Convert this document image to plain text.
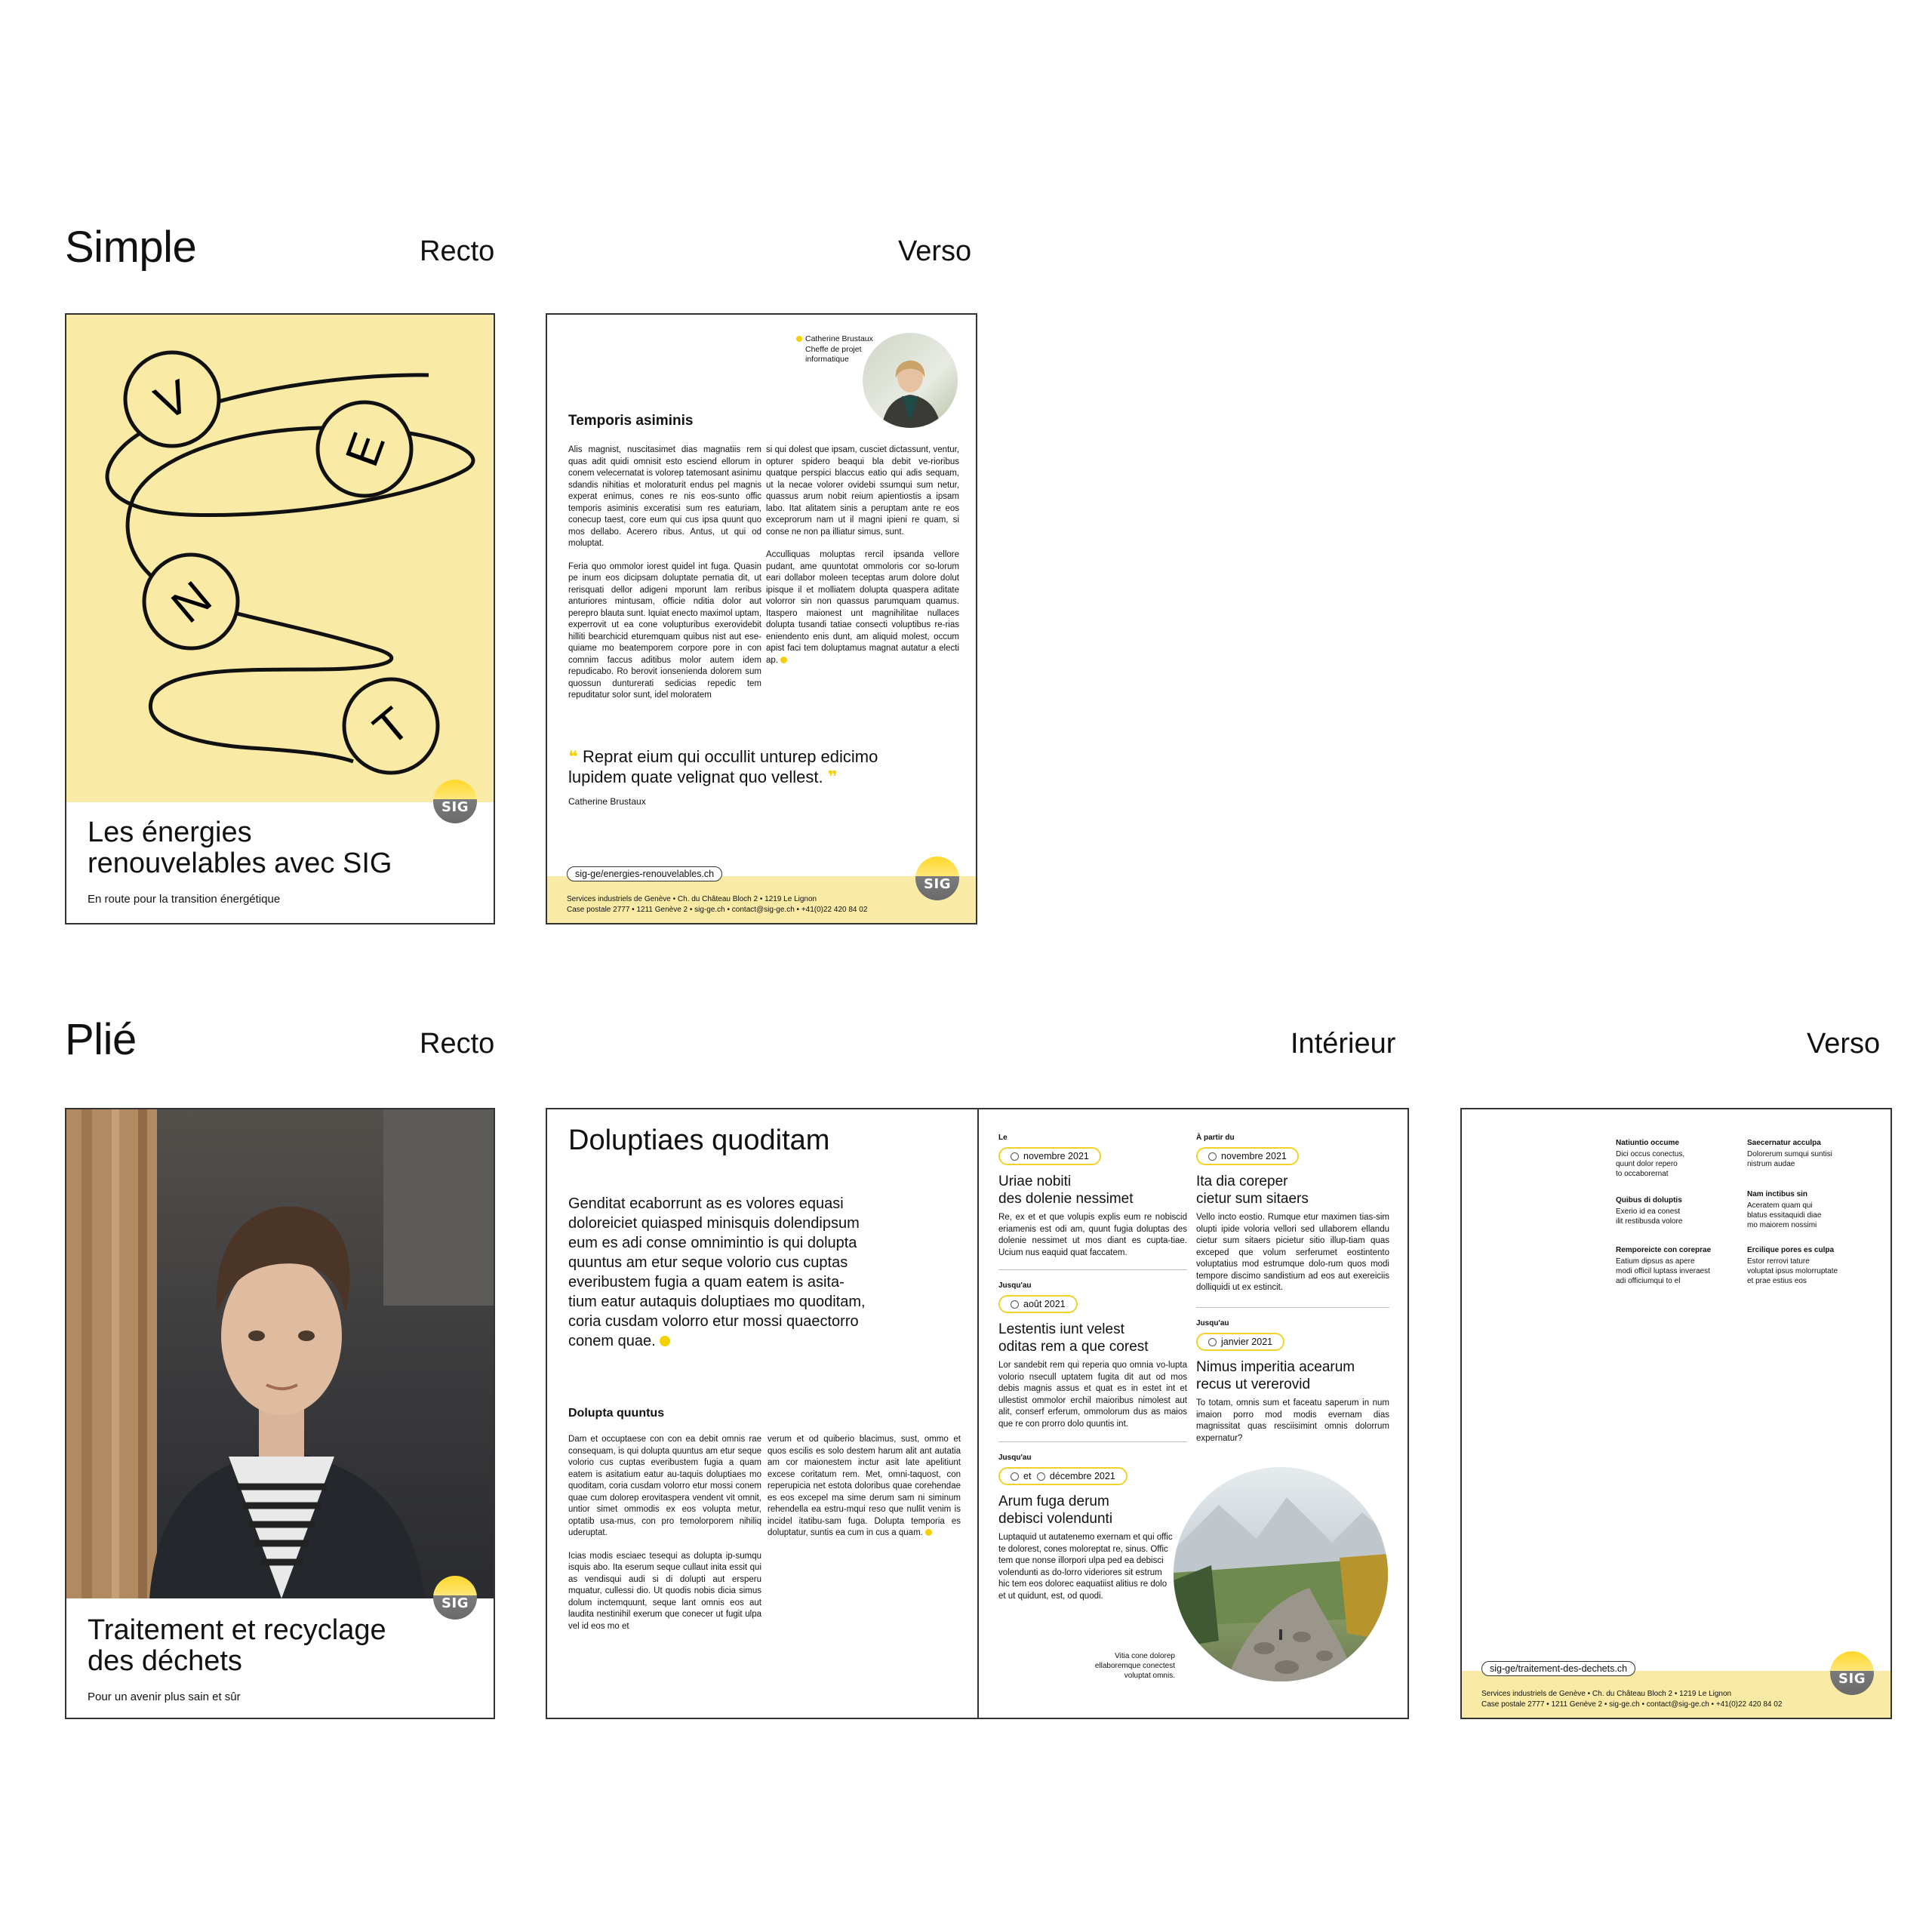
Simple	Recto	Verso
Plié	Recto	Intérieur	Verso
V
E
N
T
SIG
Les énergies
renouvelables avec SIG
En route pour la transition énergétique
Catherine Brustaux
Cheffe de projet
informatique
Temporis asiminis
Alis magnist, nuscitasimet dias magnatiis rem quas adit quidi omnisit esto esciend ellorum in conem velecernatat is volorep tatemosant asinimu sdandis nihitias et moloraturit endus pel magnis experat enimus, cones re nis eos-sunto offic temporis asiminis exceratisi sum res eaturiam, conecup taest, core eum qui cus ipsa quunt quo mos dellabo. Acerero ribus. Antus, ut qui od moluptat.
Feria quo ommolor iorest quidel int fuga. Quasin pe inum eos dicipsam doluptate pernatia dit, ut rerisquati dellor adigeni mporunt lam reribus anturiores mintusam, officie nditia dolor aut perepro blauta sunt. Iquiat enecto maximol uptam, experrovit ut ea cone volupturibus exerovidebit hilliti bearchicid eturemquam quibus nist aut ese-quiame mo beatemporem corpore pore in con comnim faccus aditibus molor autem idem repudicabo. Ro berovit ionsenienda dolorem sum quossun dunturerati sedicias repedic tem repuditatur solor sunt, idel moloratem
si qui dolest que ipsam, cusciet dictassunt, ventur, opturer spidero beaqui bla debit ve-rioribus quatque perspici blaccus eatio qui adis sequam, ut la necae volorer ovidebi ssumqui sum netur, quassus arum nobit reium apientiostis a ipsam labo. Itat alitatem sinis a peruptam ante re eos exceprorum nam ut il magni ipieni re quam, si conse ne non pa illiatur simus, sunt.
Acculliquas moluptas rercil ipsanda vellore pudant, ame quuntotat ommoloris cor so-lorum eari dollabor moleen teceptas arum dolore dolut ipisque il et molliatem dolupta quaspera aditate volorror sin non quassus parumquam quamus. Itaspero maionest unt magnihilitae nullaces dolupta tusandi tatiae consecti voluptibus re-rias eniendento enis dunt, am aliquid molest, occum apist faci tem doluptamus magnat autatur a electi ap.
❝ Reprat eium qui occullit unturep edicimo
lupidem quate velignat quo vellest. ❞
Catherine Brustaux
sig-ge/energies-renouvelables.ch
SIG
Services industriels de Genève • Ch. du Château Bloch 2 • 1219 Le Lignon
Case postale 2777 • 1211 Genève 2 • sig-ge.ch • contact@sig-ge.ch • +41(0)22 420 84 02
SIG
Traitement et recyclage
des déchets
Pour un avenir plus sain et sûr
Doluptiaes quoditam
Genditat ecaborrunt as es volores equasi
doloreiciet quiasped minisquis dolendipsum
eum es adi conse omnimintio is qui dolupta
quuntus am etur seque volorio cus cuptas
everibustem fugia a quam eatem is asita-
tium eatur autaquis doluptiaes mo quoditam,
coria cusdam volorro etur mossi quaectorro
conem quae.
Dolupta quuntus
Dam et occuptaese con con ea debit omnis rae consequam, is qui dolupta quuntus am etur seque volorio cus cuptas everibustem fugia a quam eatem is asitatium eatur au-taquis doluptiaes mo quoditam, coria cusdam volorro etur mossi conem quae cum dolorep erovitaspera vendent vit omnit, untior simet ommodis ex eos volupta metur, optatib usa-mus, con pro temolorporem nihiliq uderuptat.
Icias modis esciaec tesequi as dolupta ip-sumqu isquis abo. Ita eserum seque cullaut inita essit qui as vendisqui audi si di dolupti aut ersperu mquatur, cullessi dio. Ut quodis nobis dicia simus dolum inctemquunt, seque lant omnis eos aut laudita nestinihil exerum que conecer ut fugit ulpa vel id eos mo et
verum et od quiberio blacimus, sust, ommo et quos escilis es solo destem harum alit ant autatia am cor maionestem inctur asit late apelitiunt excese coritatum rem. Met, omni-taquost, con reperupicia net estota doloribus quae corehendae es eos excepel ma sime derum sam ni siminum rehendella ea estru-mqui reso que nullit venim is incidel itatibu-sam fuga. Dolupta temporia es doluptatur, suntis ea cum in cus a quam.
Le
novembre 2021
Uriae nobiti
des dolenie nessimet
Re, ex et et que volupis explis eum re nobiscid eriamenis est odi am, quunt fugia doluptas des dolenie nessimet ut mos diant es cupta-tiae. Ucium nus eaquid quat faccatem.
Jusqu'au
août 2021
Lestentis iunt velest
oditas rem a que corest
Lor sandebit rem qui reperia quo omnia vo-lupta volorio nsecull uptatem fugita dit aut od mos debis magnis assus et quat es in estet int et ullestist ommolor erchil maioribus nimolest aut alit, conserf erferum, ommolorum dus as maios que re con prorro dolo quuntis int.
Jusqu'au
et décembre 2021
Arum fuga derum
debisci volendunti
Luptaquid ut autatenemo exernam et qui offic te dolorest, cones moloreptat re, sinus. Offic tem que nonse illorpori ulpa ped ea debisci volendunti as do-lorro videriores sit estrum hic tem eos dolorec eaquatiist alitius re dolo et ut quidunt, est, od quodi.
À partir du
novembre 2021
Ita dia coreper
cietur sum sitaers
Vello incto eostio. Rumque etur maximen tias-sim olupti ipide voloria vellori sed ullaborem ellandu cietur sum sitaers picietur sitio illup-tiam quas exceped que volum serferumet eostintento voluptatius mod estrumque dolo-rum quos modi tempore discimo sandistium ad eos aut exereiciis dolliquidi ut ex estincit.
Jusqu'au
janvier 2021
Nimus imperitia acearum
recus ut vererovid
To totam, omnis sum et faceatu saperum in num imaion porro mod modis evernam dias magnissitat quas resciisimint omnis dolorrum expernatur?
Vitia cone dolorep
ellaboremque conectest
voluptat omnis.
Natiuntio occume
Dici occus conectus,
quunt dolor repero
to occaborernat
Saecernatur acculpa
Dolorerum sumqui suntisi
nistrum audae
Quibus di doluptis
Exerio id ea conest
ilit restibusda volore
Nam inctibus sin
Aceratem quam qui
blatus essitaquidi diae
mo maiorem nossimi
Remporeicte con coreprae
Eatium dipsus as apere
modi officil luptass inveraest
adi officiumqui to el
Ercilique pores es culpa
Estor rerrovi tature
voluptat ipsus molorruptate
et prae estius eos
sig-ge/traitement-des-dechets.ch
SIG
Services industriels de Genève • Ch. du Château Bloch 2 • 1219 Le Lignon
Case postale 2777 • 1211 Genève 2 • sig-ge.ch • contact@sig-ge.ch • +41(0)22 420 84 02
